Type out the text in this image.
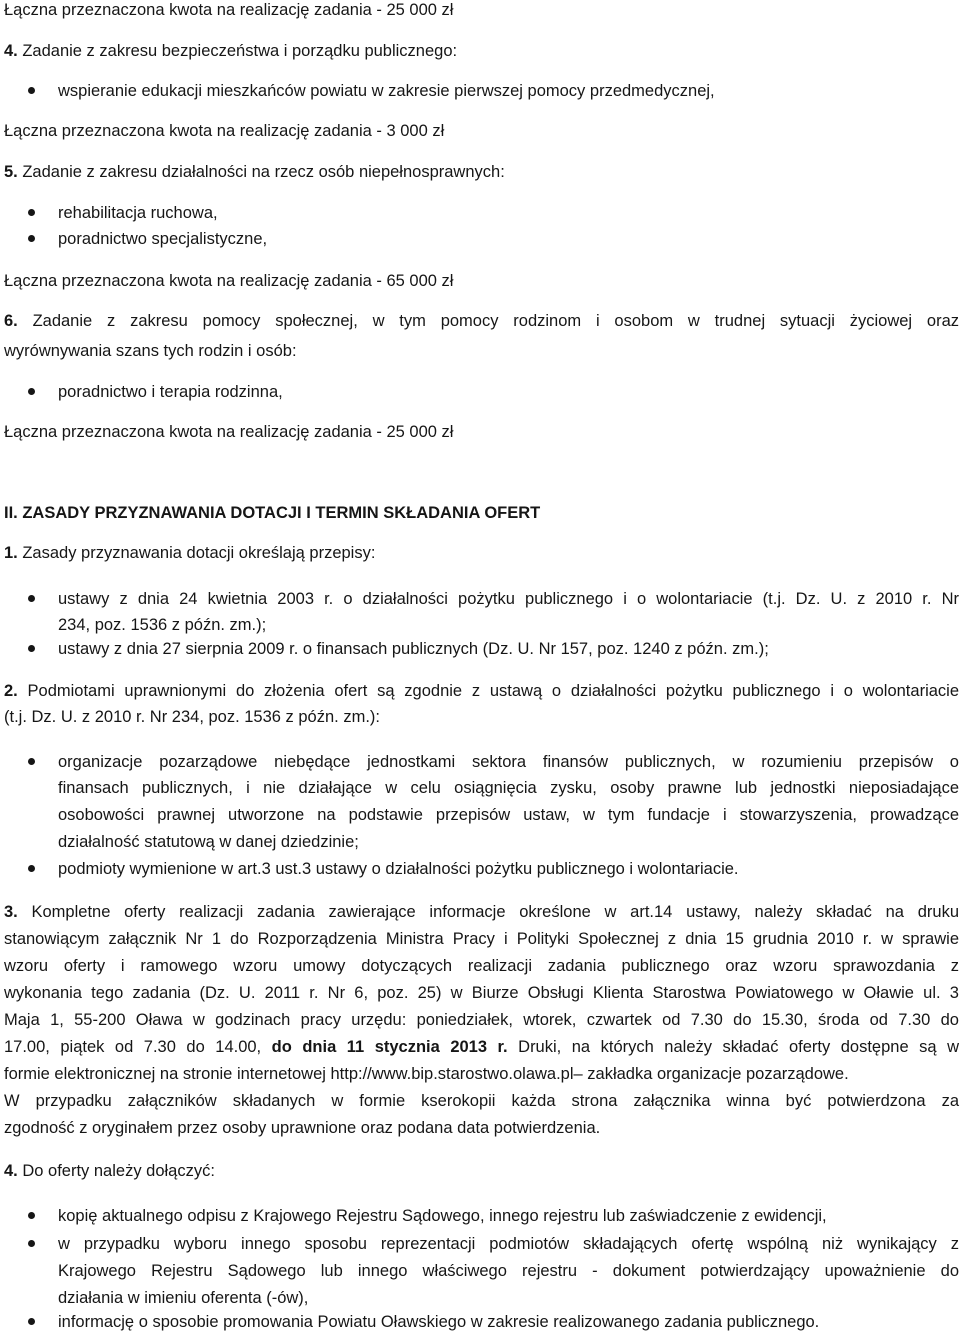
Łączna przeznaczona kwota na realizację zadania - 25 000 zł
4. Zadanie z zakresu bezpieczeństwa i porządku publicznego:
wspieranie edukacji mieszkańców powiatu w zakresie pierwszej pomocy przedmedycznej,
Łączna przeznaczona kwota na realizację zadania - 3 000 zł
5. Zadanie z zakresu działalności na rzecz osób niepełnosprawnych:
rehabilitacja ruchowa,
poradnictwo specjalistyczne,
Łączna przeznaczona kwota na realizację zadania - 65 000 zł
6. Zadanie z zakresu pomocy społecznej, w tym pomocy rodzinom i osobom w trudnej sytuacji życiowej oraz
wyrównywania szans tych rodzin i osób:
poradnictwo i terapia rodzinna,
Łączna przeznaczona kwota na realizację zadania - 25 000 zł
II. ZASADY PRZYZNAWANIA DOTACJI I TERMIN SKŁADANIA OFERT
1. Zasady przyznawania dotacji określają przepisy:
ustawy z dnia 24 kwietnia 2003 r. o działalności pożytku publicznego i o wolontariacie (t.j. Dz. U. z 2010 r. Nr
234, poz. 1536 z późn. zm.);
ustawy z dnia 27 sierpnia 2009 r. o finansach publicznych (Dz. U. Nr 157, poz. 1240 z późn. zm.);
2. Podmiotami uprawnionymi do złożenia ofert są zgodnie z ustawą o działalności pożytku publicznego i o wolontariacie
(t.j. Dz. U. z 2010 r. Nr 234, poz. 1536 z późn. zm.):
organizacje pozarządowe niebędące jednostkami sektora finansów publicznych, w rozumieniu przepisów o
finansach publicznych, i nie działające w celu osiągnięcia zysku, osoby prawne lub jednostki nieposiadające
osobowości prawnej utworzone na podstawie przepisów ustaw, w tym fundacje i stowarzyszenia, prowadzące
działalność statutową w danej dziedzinie;
podmioty wymienione w art.3 ust.3 ustawy o działalności pożytku publicznego i wolontariacie.
3. Kompletne oferty realizacji zadania zawierające informacje określone w art.14 ustawy, należy składać na druku
stanowiącym załącznik Nr 1 do Rozporządzenia Ministra Pracy i Polityki Społecznej z dnia 15 grudnia 2010 r. w sprawie
wzoru oferty i ramowego wzoru umowy dotyczących realizacji zadania publicznego oraz wzoru sprawozdania z
wykonania tego zadania (Dz. U. 2011 r. Nr 6, poz. 25) w Biurze Obsługi Klienta Starostwa Powiatowego w Oławie ul. 3
Maja 1, 55-200 Oława w godzinach pracy urzędu: poniedziałek, wtorek, czwartek od 7.30 do 15.30, środa od 7.30 do
17.00, piątek od 7.30 do 14.00, do dnia 11 stycznia 2013 r. Druki, na których należy składać oferty dostępne są w
formie elektronicznej na stronie internetowej http://www.bip.starostwo.olawa.pl– zakładka organizacje pozarządowe.
W przypadku załączników składanych w formie kserokopii każda strona załącznika winna być potwierdzona za
zgodność z oryginałem przez osoby uprawnione oraz podana data potwierdzenia.
4. Do oferty należy dołączyć:
kopię aktualnego odpisu z Krajowego Rejestru Sądowego, innego rejestru lub zaświadczenie z ewidencji,
w przypadku wyboru innego sposobu reprezentacji podmiotów składających ofertę wspólną niż wynikający z
Krajowego Rejestru Sądowego lub innego właściwego rejestru - dokument potwierdzający upoważnienie do
działania w imieniu oferenta (-ów),
informację o sposobie promowania Powiatu Oławskiego w zakresie realizowanego zadania publicznego.
